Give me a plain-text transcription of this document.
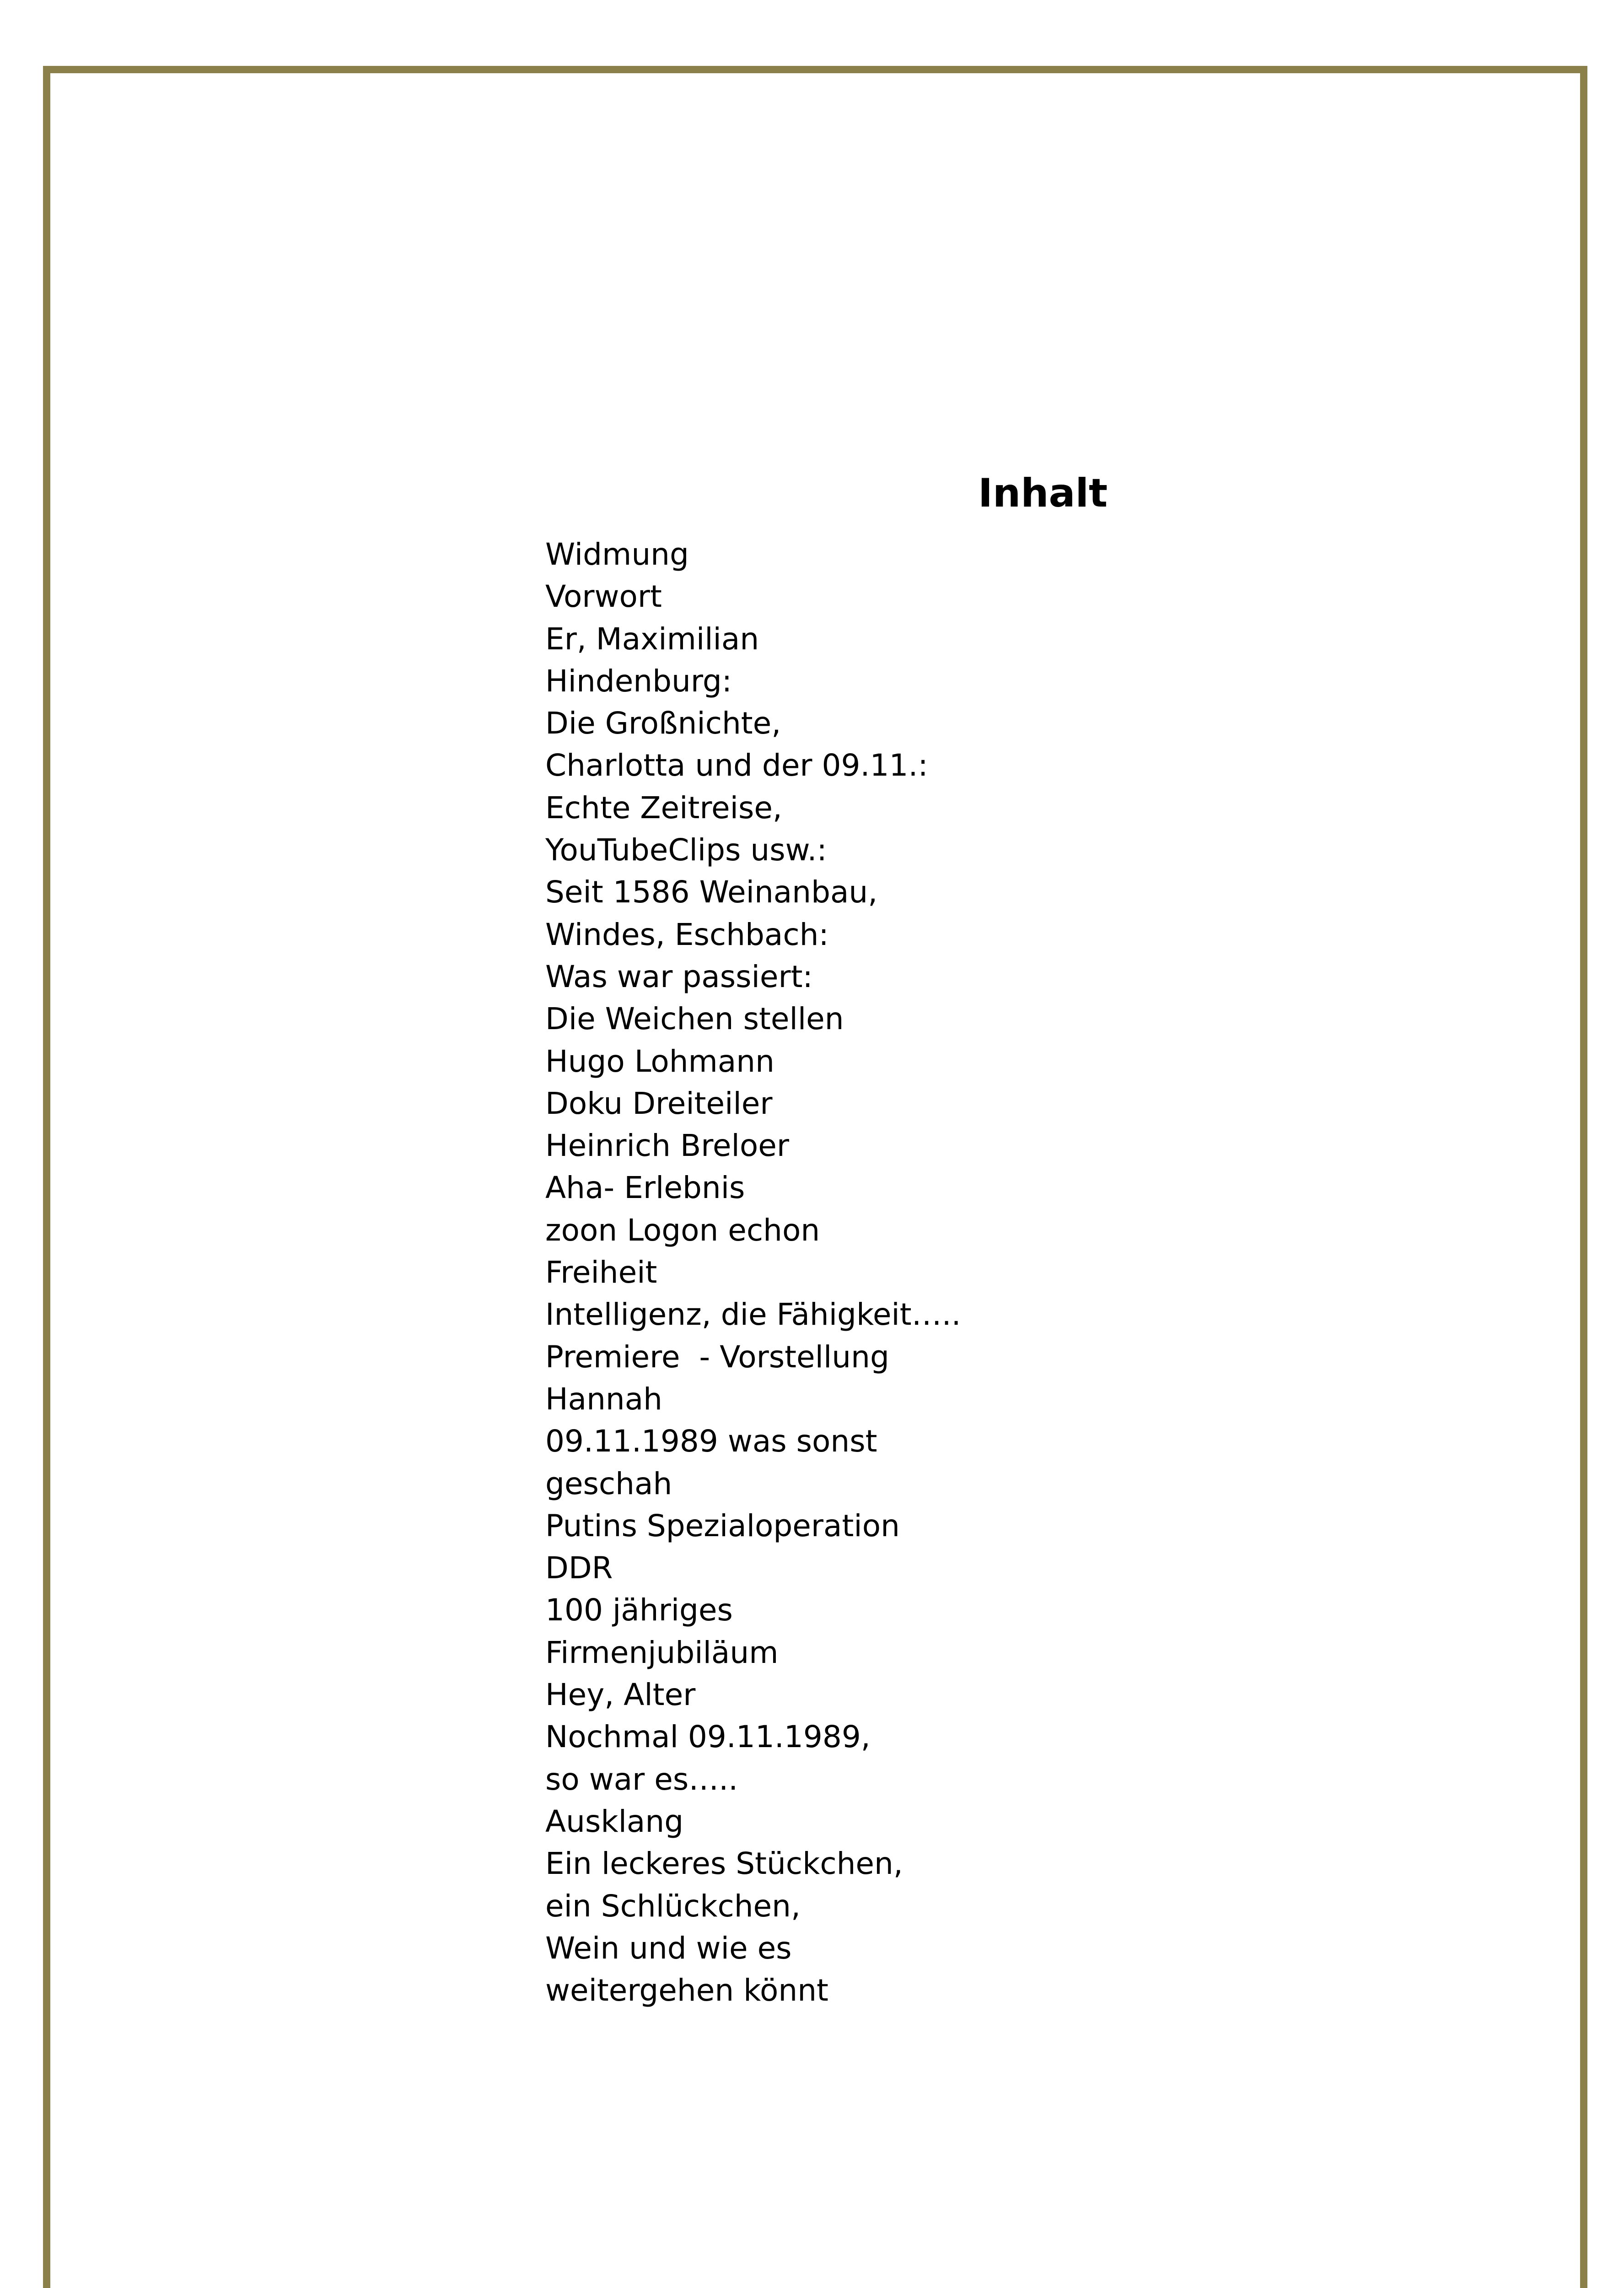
Inhalt
Widmung
Vorwort
Er, Maximilian
Hindenburg:
Die Großnichte,
Charlotta und der 09.11.:
Echte Zeitreise,
YouTubeClips usw.:
Seit 1586 Weinanbau,
Windes, Eschbach:
Was war passiert:
Die Weichen stellen
Hugo Lohmann
Doku Dreiteiler
Heinrich Breloer
Aha- Erlebnis
zoon Logon echon
Freiheit
Intelligenz, die Fähigkeit…..
Premiere  - Vorstellung
Hannah
09.11.1989 was sonst
geschah
Putins Spezialoperation
DDR
100 jähriges
Firmenjubiläum
Hey, Alter
Nochmal 09.11.1989,
so war es…..
Ausklang
Ein leckeres Stückchen,
ein Schlückchen,
Wein und wie es
weitergehen könnt
